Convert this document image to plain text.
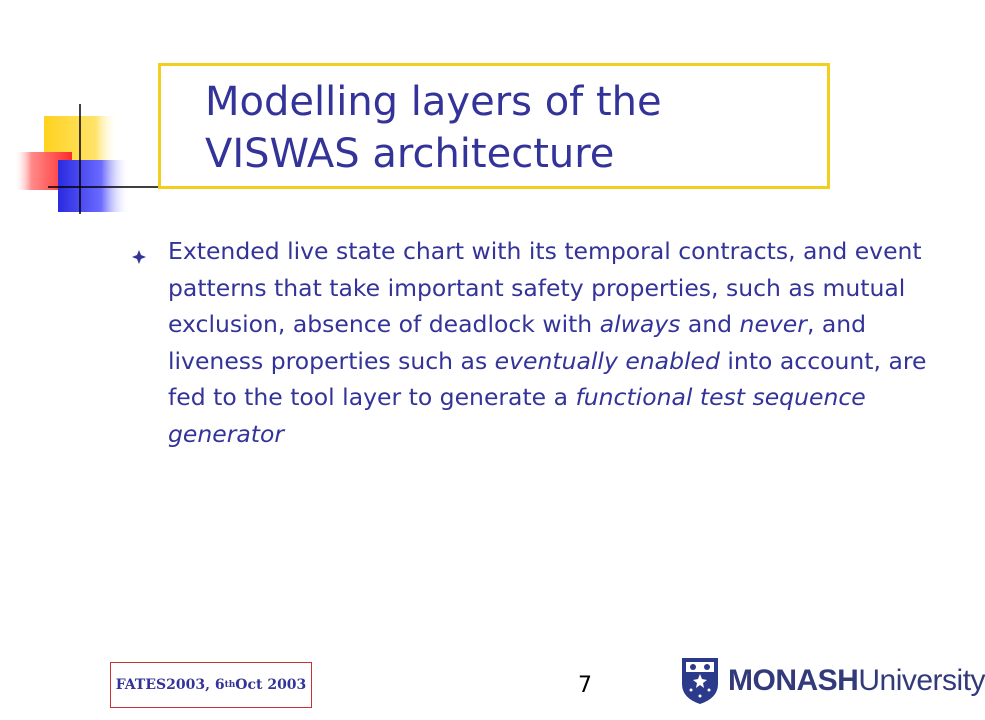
Modelling layers of the VISWAS architecture

Extended live state chart with its temporal contracts, and event patterns that take important safety properties, such as mutual exclusion, absence of deadlock with always and never, and liveness properties such as eventually enabled into account, are fed to the tool layer to generate a functional test sequence generator

FATES2003, 6 th Oct 2003	7	MONASHUniversity
